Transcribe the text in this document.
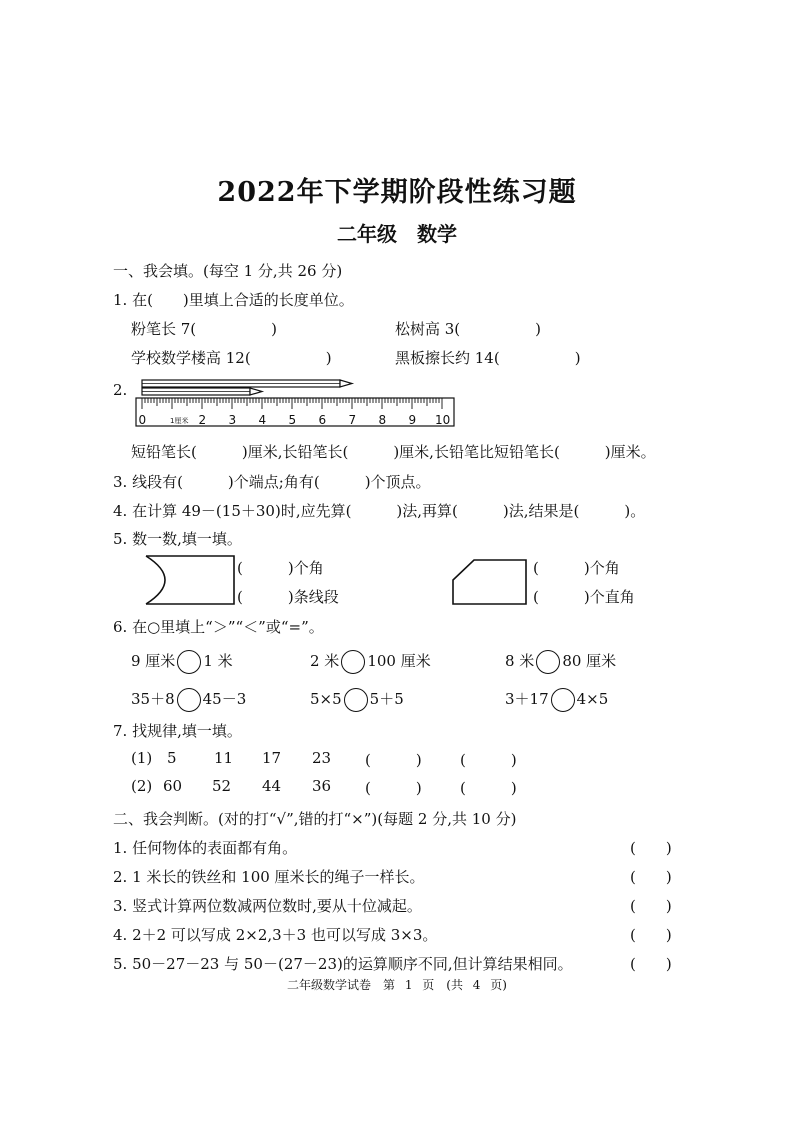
2022年下学期阶段性练习题
二年级　数学
一、我会填。(每空 1 分,共 26 分)
1. 在(　　)里填上合适的长度单位。
粉笔长 7(　　　　　)	松树高 3(　　　　　)
学校数学楼高 12(　　　　　)	黑板擦长约 14(　　　　　)
2.
0	2 3 4 5 6 7 8 9 10
1厘米
短铅笔长(　　　)厘米,长铅笔长(　　　)厘米,长铅笔比短铅笔长(　　　)厘米。
3. 线段有(　　　)个端点;角有(　　　)个顶点。
4. 在计算 49－(15＋30)时,应先算(　　　)法,再算(　　　)法,结果是(　　　)。
5. 数一数,填一填。
(　　　)个角
(　　　)条线段
(　　　)个角
(　　　)个直角
6. 在○里填上“＞”“＜”或“=”。
9 厘米 1 米	2 米 100 厘米	8 米 80 厘米
35＋8 45－3	5×5 5＋5	3＋17 4×5
7. 找规律,填一填。
(1) 5 11 17 23 (　　　)	(　　　)
(2) 60 52 44 36 (　　　)	(　　　)
二、我会判断。(对的打“√”,错的打“×”)(每题 2 分,共 10 分)
1. 任何物体的表面都有角。	(　　)
2. 1 米长的铁丝和 100 厘米长的绳子一样长。	(　　)
3. 竖式计算两位数减两位数时,要从十位减起。	(　　)
4. 2＋2 可以写成 2×2,3＋3 也可以写成 3×3。	(　　)
5. 50－27－23 与 50－(27－23)的运算顺序不同,但计算结果相同。	(　　)
二年级数学试卷　第 1 页　(共 4 页)
